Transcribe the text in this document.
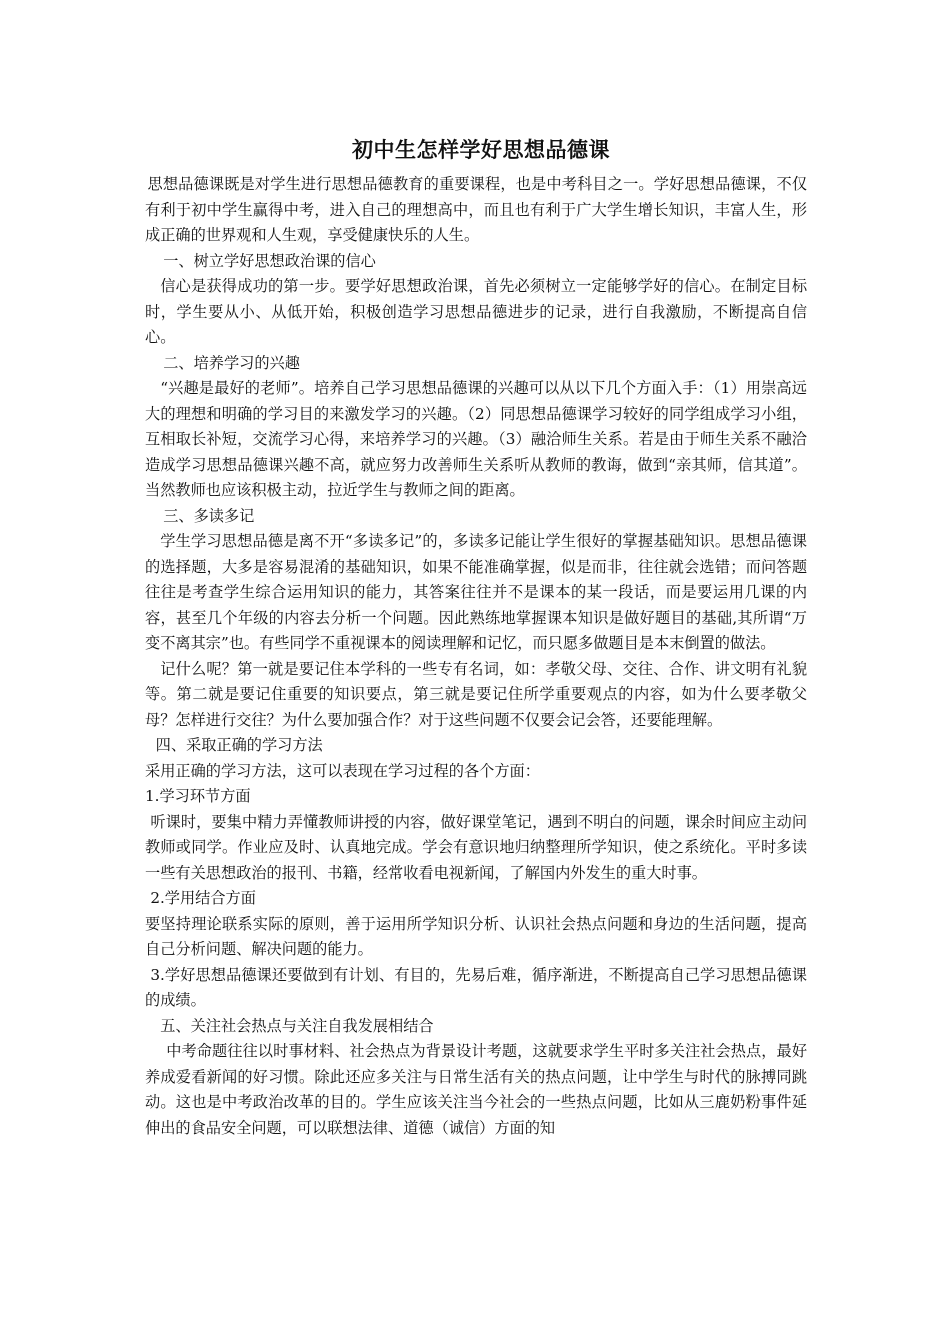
初中生怎样学好思想品德课

思想品德课既是对学生进行思想品德教育的重要课程，也是中考科目之一。学好思想品德课，不仅有利于初中学生赢得中考，进入自己的理想高中，而且也有利于广大学生增长知识，丰富人生，形成正确的世界观和人生观，享受健康快乐的人生。

一、树立学好思想政治课的信心

信心是获得成功的第一步。要学好思想政治课，首先必须树立一定能够学好的信心。在制定目标时，学生要从小、从低开始，积极创造学习思想品德进步的记录，进行自我激励，不断提高自信心。

二、培养学习的兴趣

“兴趣是最好的老师”。培养自己学习思想品德课的兴趣可以从以下几个方面入手：（1）用崇高远大的理想和明确的学习目的来激发学习的兴趣。（2）同思想品德课学习较好的同学组成学习小组，互相取长补短，交流学习心得，来培养学习的兴趣。（3）融洽师生关系。若是由于师生关系不融洽造成学习思想品德课兴趣不高，就应努力改善师生关系听从教师的教诲，做到“亲其师，信其道”。当然教师也应该积极主动，拉近学生与教师之间的距离。

三、多读多记

学生学习思想品德是离不开“多读多记”的，多读多记能让学生很好的掌握基础知识。思想品德课的选择题，大多是容易混淆的基础知识，如果不能准确掌握，似是而非，往往就会选错；而问答题往往是考查学生综合运用知识的能力，其答案往往并不是课本的某一段话，而是要运用几课的内容，甚至几个年级的内容去分析一个问题。因此熟练地掌握课本知识是做好题目的基础,其所谓“万变不离其宗”也。有些同学不重视课本的阅读理解和记忆，而只愿多做题目是本末倒置的做法。

记什么呢？第一就是要记住本学科的一些专有名词，如：孝敬父母、交往、合作、讲文明有礼貌等。第二就是要记住重要的知识要点，第三就是要记住所学重要观点的内容，如为什么要孝敬父母？怎样进行交往？为什么要加强合作？对于这些问题不仅要会记会答，还要能理解。

四、采取正确的学习方法

采用正确的学习方法，这可以表现在学习过程的各个方面：

1.学习环节方面

听课时，要集中精力弄懂教师讲授的内容，做好课堂笔记，遇到不明白的问题，课余时间应主动问教师或同学。作业应及时、认真地完成。学会有意识地归纳整理所学知识，使之系统化。平时多读一些有关思想政治的报刊、书籍，经常收看电视新闻，了解国内外发生的重大时事。

2.学用结合方面

要坚持理论联系实际的原则，善于运用所学知识分析、认识社会热点问题和身边的生活问题，提高自己分析问题、解决问题的能力。

3.学好思想品德课还要做到有计划、有目的，先易后难，循序渐进，不断提高自己学习思想品德课的成绩。

五、关注社会热点与关注自我发展相结合

中考命题往往以时事材料、社会热点为背景设计考题，这就要求学生平时多关注社会热点，最好养成爱看新闻的好习惯。除此还应多关注与日常生活有关的热点问题，让中学生与时代的脉搏同跳动。这也是中考政治改革的目的。学生应该关注当今社会的一些热点问题，比如从三鹿奶粉事件延伸出的食品安全问题，可以联想法律、道德（诚信）方面的知
